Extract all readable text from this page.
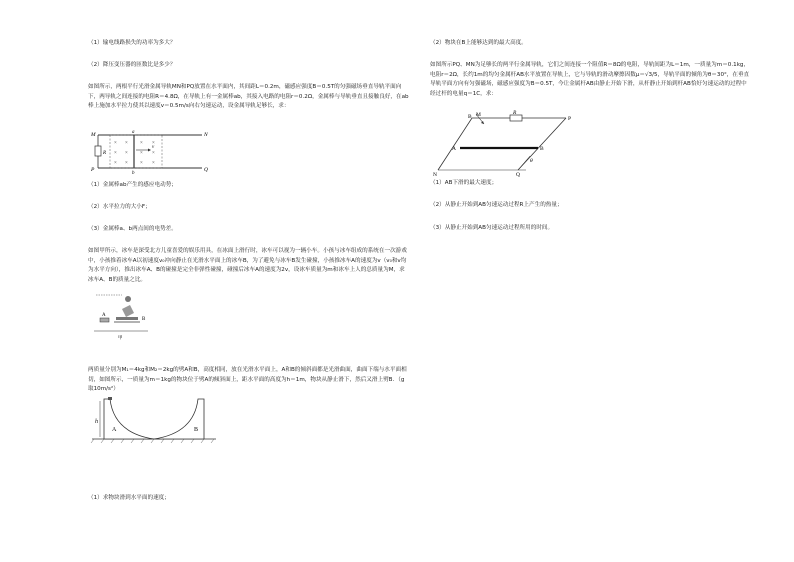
（1）输电线路损失的功率为多大？
（2）降压变压器的匝数比是多少？
如图所示，两根平行光滑金属导轨MN和PQ放置在水平面内，其间距L＝0.2m，磁感应强度B＝0.5T的匀强磁场垂直导轨平面向下，两导轨之间连接的电阻R＝4.8Ω，在导轨上有一金属棒ab，其接入电路的电阻r＝0.2Ω，金属棒与导轨垂直且接触良好，在ab棒上施加水平拉力使其以速度v＝0.5m/s向右匀速运动，设金属导轨足够长，求：
× × × ×
× × × ×
× × × ×
M	N
P	Q
a
b
R
v
（1）金属棒ab产生的感应电动势；
（2）水平拉力的大小F；
（3）金属棒a、b两点间的电势差。
如图甲所示，冰车是深受北方儿童喜爱的娱乐用具，在冰面上滑行时，冰车可以视为一辆小车。小孩与冰车组成的系统在一次游戏中，小孩推着冰车A以初速度v₀冲向静止在光滑水平面上的冰车B，为了避免与冰车B发生碰撞，小孩推冰车A的速度为v（v₀和v均为水平方向），推出冰车A、B的碰撞是完全非弹性碰撞，碰撞后冰车A的速度为2v，设冰车质量为m和冰车上人的总质量为M，求冰车A、B的质量之比。
A
B
甲
两质量分别为M₁＝4kg和M₂＝2kg的劈A和B，高度相同，放在光滑水平面上，A和B的倾斜面都是光滑曲面，曲面下端与水平面相切，如图所示，一质量为m＝1kg的物块位于劈A的倾斜面上，距水平面的高度为h＝1m，物块从静止滑下，然后又滑上劈B．（g取10m/s²）
h
A	B
（1）求物块滑到水平面的速度；
（2）物块在B上能够达到的最大高度。
如图所示PQ、MN为足够长的两平行金属导轨，它们之间连接一个阻值R＝8Ω的电阻，导轨间距为L＝1m，一质量为m＝0.1kg，电阻r＝2Ω，长约1m的均匀金属杆AB水平放置在导轨上，它与导轨的滑动摩擦因数μ＝√3/5，导轨平面的倾角为θ＝30°，在垂直导轨平面方向有匀强磁场，磁感应强度为B＝0.5T，今让金属杆AB由静止开始下滑，从杆静止开始到杆AB恰好匀速运动的过程中经过杆的电量q＝1C，求：
B M	R
P
A	B
θ
N	Q
（1）AB下滑的最大速度；
（2）从静止开始到AB匀速运动过程R上产生的热量；
（3）从静止开始到AB匀速运动过程所用的时间。
